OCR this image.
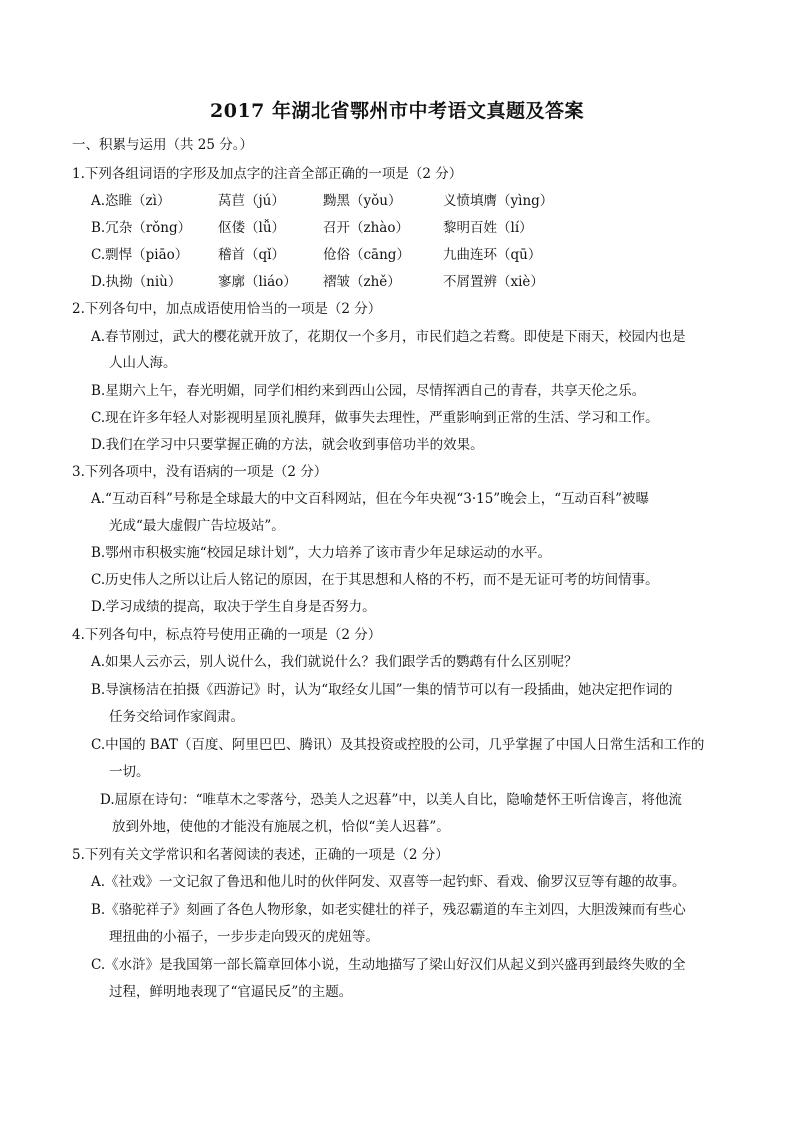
2017 年湖北省鄂州市中考语文真题及答案
一、积累与运用（共 25 分。）
1.下列各组词语的字形及加点字的注音全部正确的一项是（2 分）
A.恣睢（zì）	莴苣（jú）	黝黑（yǒu）	义愤填膺（yìng）
B.冗杂（rǒng） 伛偻（lǚ）	召开（zhào）	黎明百姓（lí）
C.剽悍（piāo） 稽首（qǐ）	伧俗（cāng） 九曲连环（qū）
D.执拗（niù）	寥廓（liáo） 褶皱（zhě）	不屑置辨（xiè）
2.下列各句中，加点成语使用恰当的一项是（2 分）
A.春节刚过，武大的樱花就开放了，花期仅一个多月，市民们趋之若鹜。即使是下雨天，校园内也是
人山人海。
B.星期六上午，春光明媚，同学们相约来到西山公园，尽情挥洒自己的青春，共享天伦之乐。
C.现在许多年轻人对影视明星顶礼膜拜，做事失去理性，严重影响到正常的生活、学习和工作。
D.我们在学习中只要掌握正确的方法，就会收到事倍功半的效果。
3.下列各项中，没有语病的一项是（2 分）
A.“互动百科”号称是全球最大的中文百科网站，但在今年央视“3·15”晚会上，“互动百科”被曝
光成“最大虚假广告垃圾站”。
B.鄂州市积极实施“校园足球计划”，大力培养了该市青少年足球运动的水平。
C.历史伟人之所以让后人铭记的原因，在于其思想和人格的不朽，而不是无证可考的坊间情事。
D.学习成绩的提高，取决于学生自身是否努力。
4.下列各句中，标点符号使用正确的一项是（2 分）
A.如果人云亦云，别人说什么，我们就说什么？我们跟学舌的鹦鹉有什么区别呢？
B.导演杨洁在拍摄《西游记》时，认为“取经女儿国”一集的情节可以有一段插曲，她决定把作词的
任务交给词作家阎肃。
C.中国的 BAT（百度、阿里巴巴、腾讯）及其投资或控股的公司，几乎掌握了中国人日常生活和工作的
一切。
D.屈原在诗句：“唯草木之零落兮，恐美人之迟暮”中，以美人自比，隐喻楚怀王听信谗言，将他流
放到外地，使他的才能没有施展之机，恰似“美人迟暮”。
5.下列有关文学常识和名著阅读的表述，正确的一项是（2 分）
A.《社戏》一文记叙了鲁迅和他儿时的伙伴阿发、双喜等一起钓虾、看戏、偷罗汉豆等有趣的故事。
B.《骆驼祥子》刻画了各色人物形象，如老实健壮的祥子，残忍霸道的车主刘四，大胆泼辣而有些心
理扭曲的小福子，一步步走向毁灭的虎妞等。
C.《水浒》是我国第一部长篇章回体小说，生动地描写了梁山好汉们从起义到兴盛再到最终失败的全
过程，鲜明地表现了“官逼民反”的主题。
